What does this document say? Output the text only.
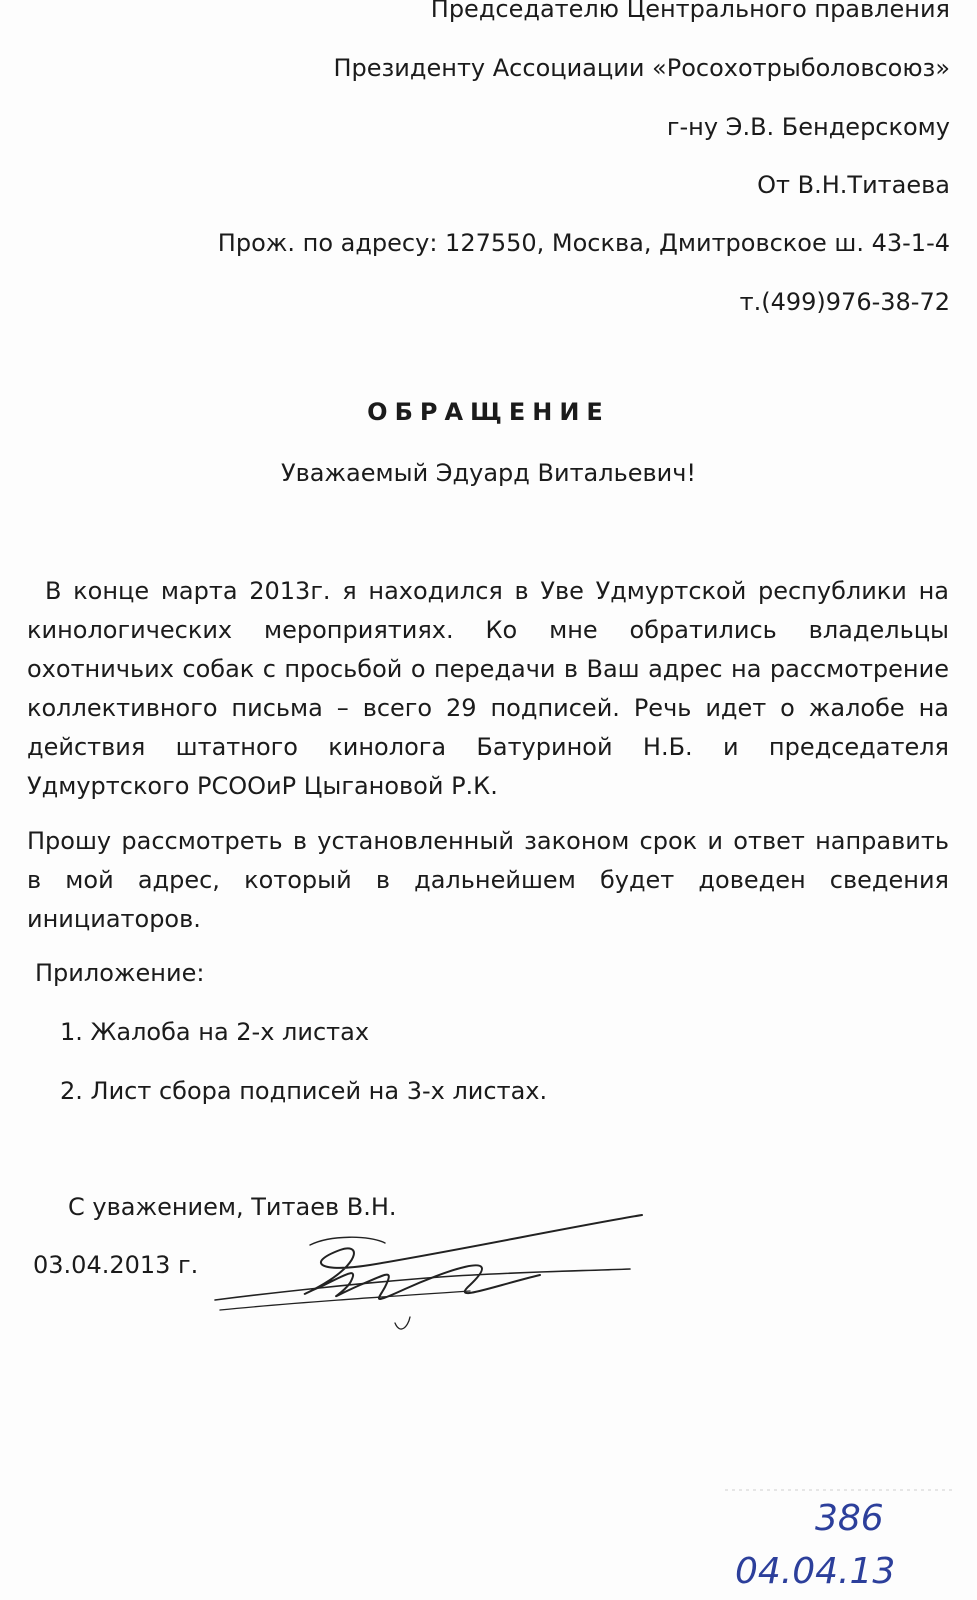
Председателю Центрального правления
Президенту Ассоциации «Росохотрыболовсоюз»
г-ну Э.В. Бендерскому
От В.Н.Титаева
Прож. по адресу: 127550, Москва, Дмитровское ш. 43-1-4
т.(499)976-38-72
ОБРАЩЕНИЕ
Уважаемый Эдуард Витальевич!
В конце марта 2013г. я находился в Уве Удмуртской республики на кинологических мероприятиях. Ко мне обратились владельцы охотничьих собак с просьбой о передачи в Ваш адрес на рассмотрение коллективного письма – всего 29 подписей. Речь идет о жалобе на действия штатного кинолога Батуриной Н.Б. и председателя Удмуртского РСООиР Цыгановой Р.К.
Прошу рассмотреть в установленный законом срок и ответ направить в мой адрес, который в дальнейшем будет доведен сведения инициаторов.
Приложение:
1. Жалоба на 2-х листах
2. Лист сбора подписей на 3-х листах.
С уважением, Титаев В.Н.
03.04.2013 г.
386
04.04.13
